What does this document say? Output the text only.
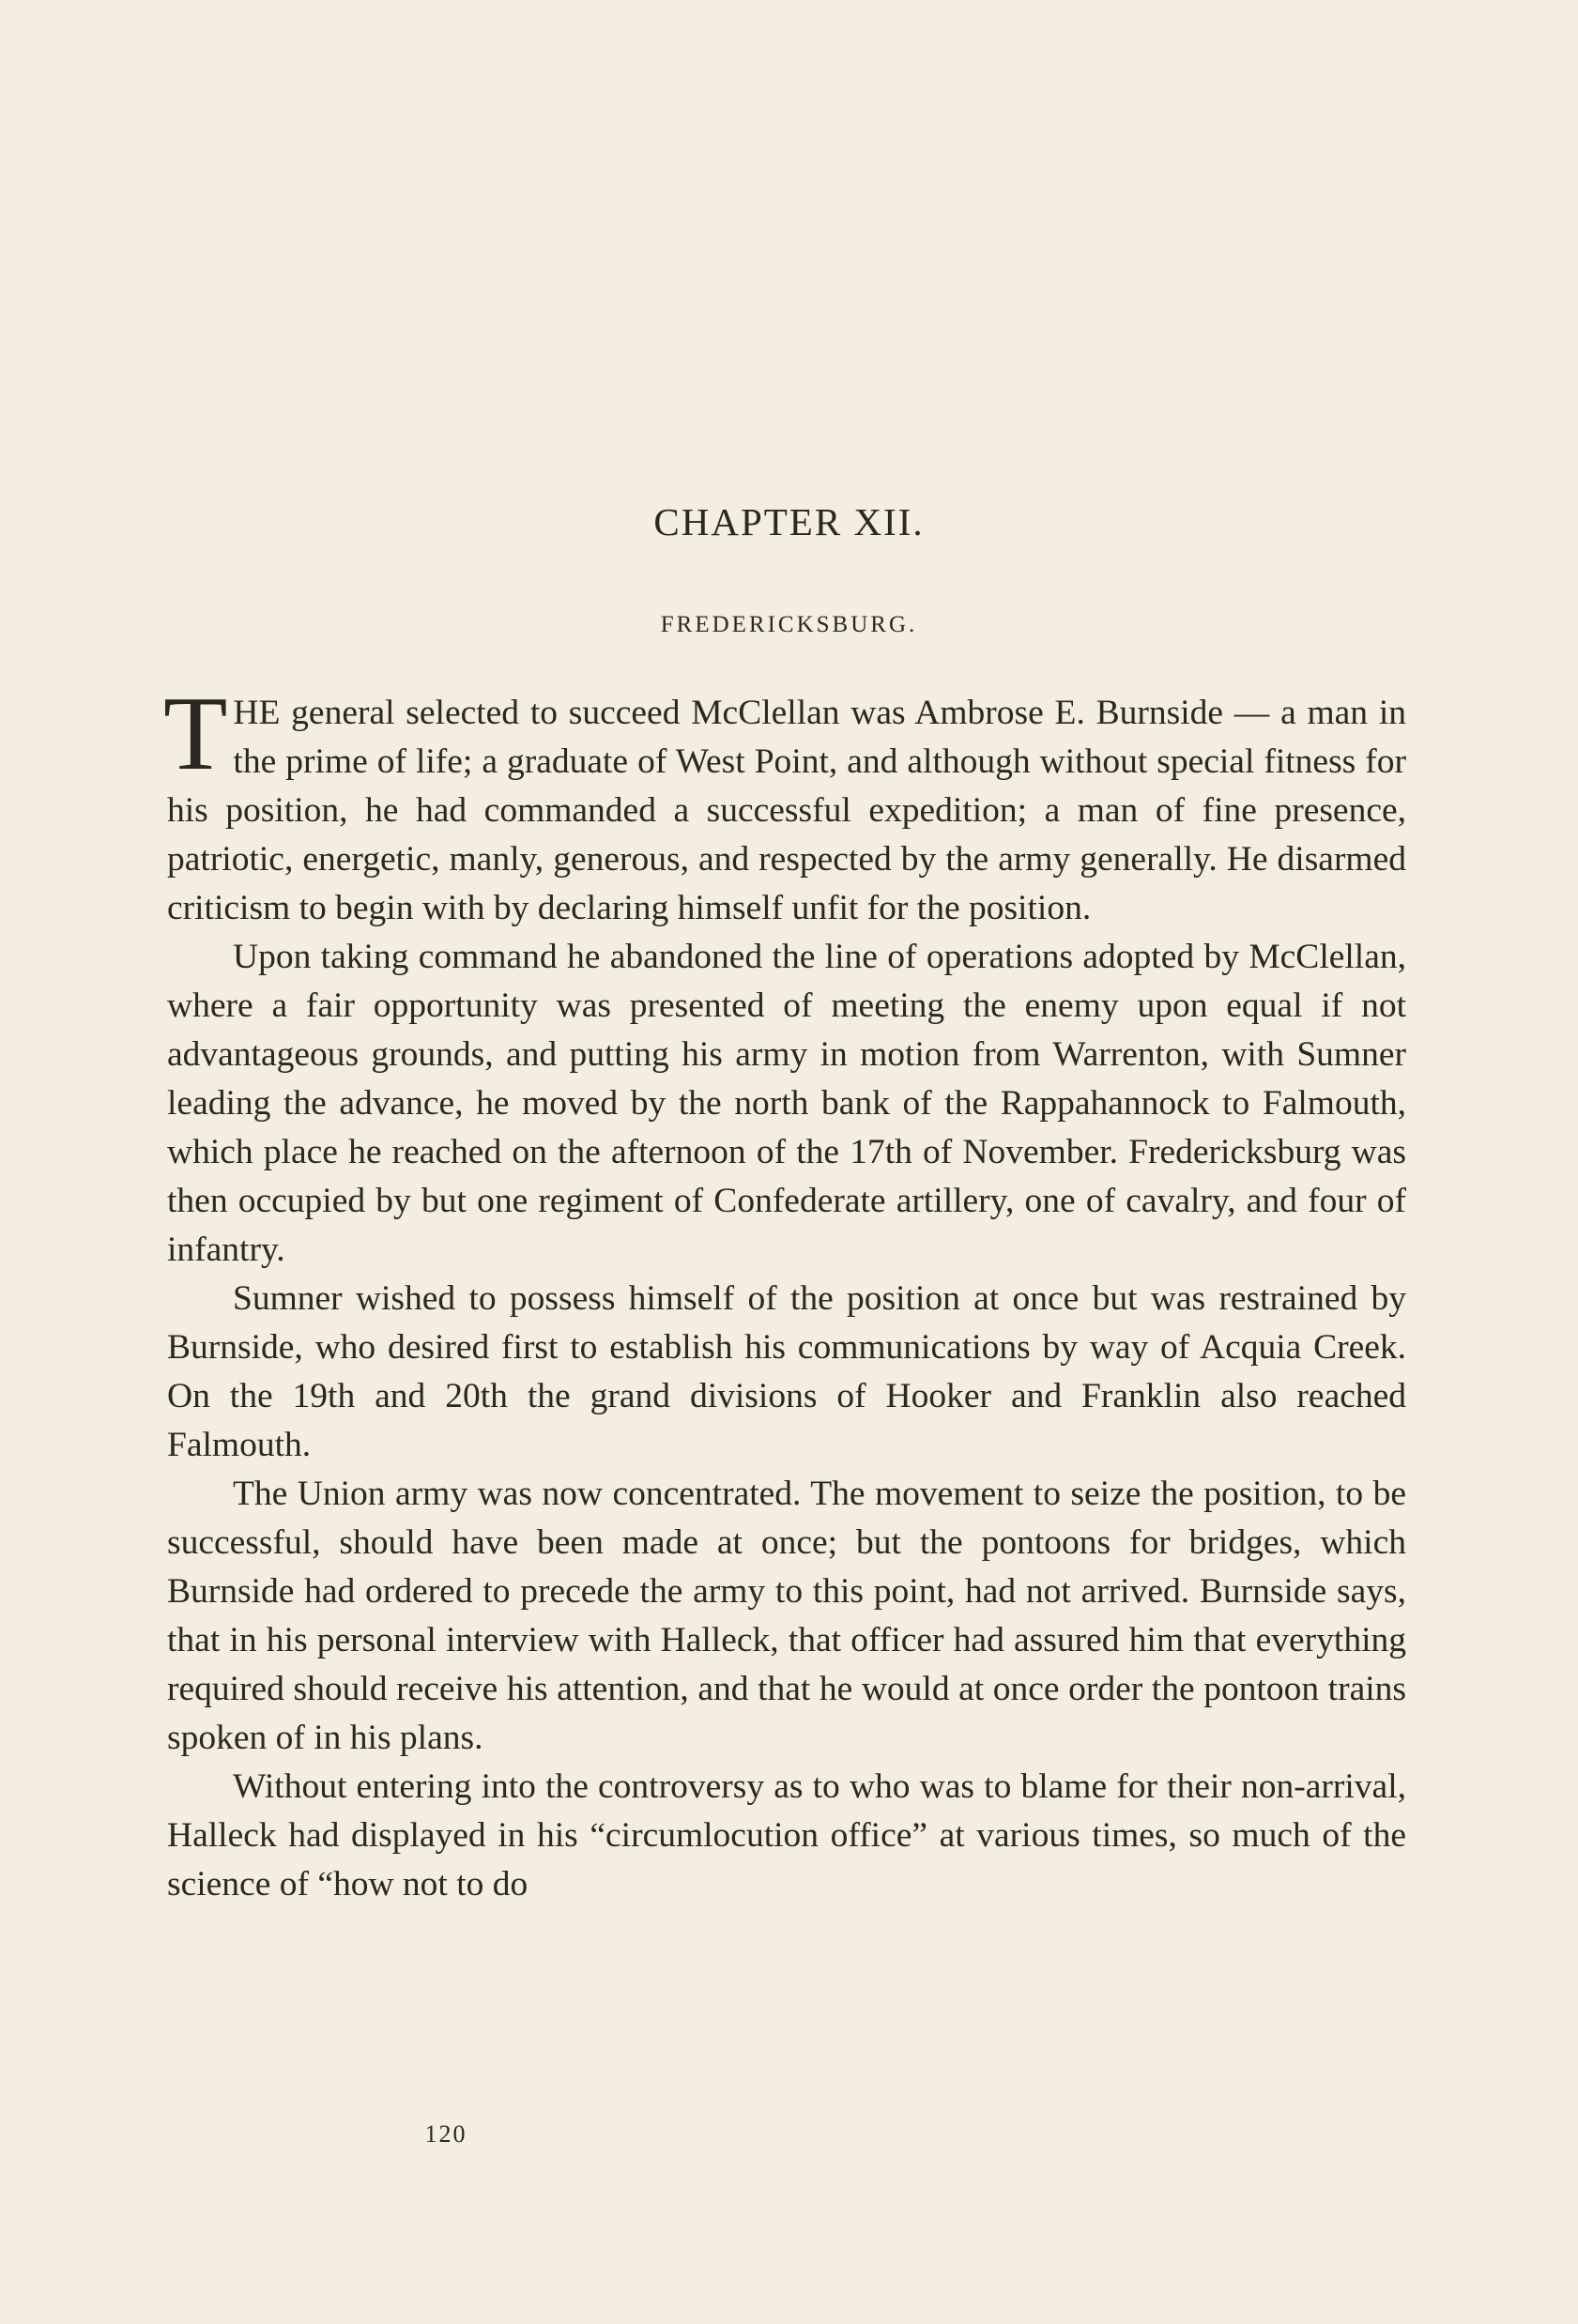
CHAPTER XII.
FREDERICKSBURG.

THE general selected to succeed McClellan was Ambrose E. Burnside — a man in the prime of life; a graduate of West Point, and although without special fitness for his position, he had commanded a successful expedition; a man of fine presence, patriotic, energetic, manly, generous, and respected by the army generally. He disarmed criticism to begin with by declaring himself unfit for the position.

Upon taking command he abandoned the line of operations adopted by McClellan, where a fair opportunity was presented of meeting the enemy upon equal if not advantageous grounds, and putting his army in motion from Warrenton, with Sumner leading the advance, he moved by the north bank of the Rappahannock to Falmouth, which place he reached on the afternoon of the 17th of November. Fredericksburg was then occupied by but one regiment of Confederate artillery, one of cavalry, and four of infantry.

Sumner wished to possess himself of the position at once but was restrained by Burnside, who desired first to establish his communications by way of Acquia Creek. On the 19th and 20th the grand divisions of Hooker and Franklin also reached Falmouth.

The Union army was now concentrated. The movement to seize the position, to be successful, should have been made at once; but the pontoons for bridges, which Burnside had ordered to precede the army to this point, had not arrived. Burnside says, that in his personal interview with Halleck, that officer had assured him that everything required should receive his attention, and that he would at once order the pontoon trains spoken of in his plans.

Without entering into the controversy as to who was to blame for their non-arrival, Halleck had displayed in his “circumlocution office” at various times, so much of the science of “how not to do

120
